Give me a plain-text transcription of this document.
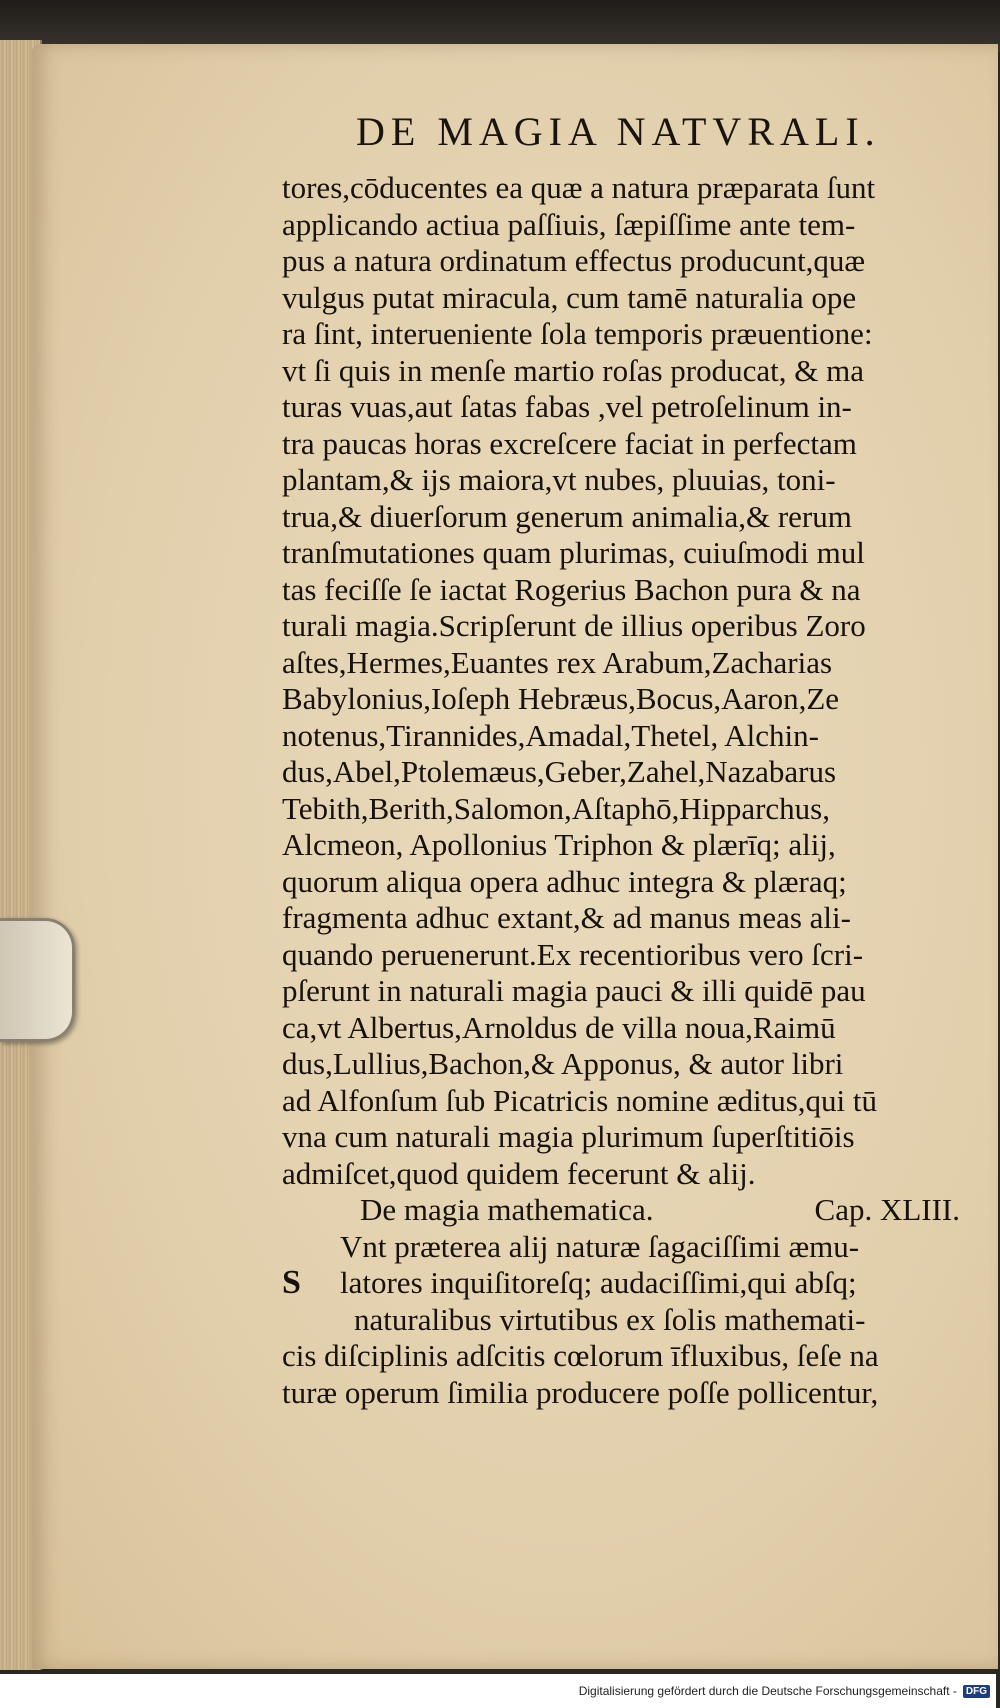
DE MAGIA NATVRALI.
tores,cōducentes ea quæ a natura præparata ſunt
applicando actiua paſſiuis, ſæpiſſime ante tem-
pus a natura ordinatum effectus producunt,quæ
vulgus putat miracula, cum tamē naturalia ope
ra ſint, interueniente ſola temporis præuentione:
vt ſi quis in menſe martio roſas producat, & ma
turas vuas,aut ſatas fabas ,vel petroſelinum in-
tra paucas horas excreſcere faciat in perfectam
plantam,& ijs maiora,vt nubes, pluuias, toni-
trua,& diuerſorum generum animalia,& rerum
tranſmutationes quam plurimas, cuiuſmodi mul
tas feciſſe ſe iactat Rogerius Bachon pura & na
turali magia.Scripſerunt de illius operibus Zoro
aſtes,Hermes,Euantes rex Arabum,Zacharias
Babylonius,Ioſeph Hebræus,Bocus,Aaron,Ze
notenus,Tirannides,Amadal,Thetel, Alchin-
dus,Abel,Ptolemæus,Geber,Zahel,Nazabarus
Tebith,Berith,Salomon,Aſtaphō,Hipparchus,
Alcmeon, Apollonius Triphon & plærīq; alij,
quorum aliqua opera adhuc integra & plæraq;
fragmenta adhuc extant,& ad manus meas ali-
quando peruenerunt.Ex recentioribus vero ſcri-
pſerunt in naturali magia pauci & illi quidē pau
ca,vt Albertus,Arnoldus de villa noua,Raimū
dus,Lullius,Bachon,& Apponus, & autor libri
ad Alfonſum ſub Picatricis nomine æditus,qui tū
vna cum naturali magia plurimum ſuperſtitiōis
admiſcet,quod quidem fecerunt & alij.
De magia mathematica.	Cap. XLIII.
Vnt præterea alij naturæ ſagaciſſimi æmu-
S	latores inquiſitoreſq; audaciſſimi,qui abſq;
naturalibus virtutibus ex ſolis mathemati-
cis diſciplinis adſcitis cœlorum īfluxibus, ſeſe na
turæ operum ſimilia producere poſſe pollicentur,
Digitalisierung gefördert durch die Deutsche Forschungsgemeinschaft - DFG
